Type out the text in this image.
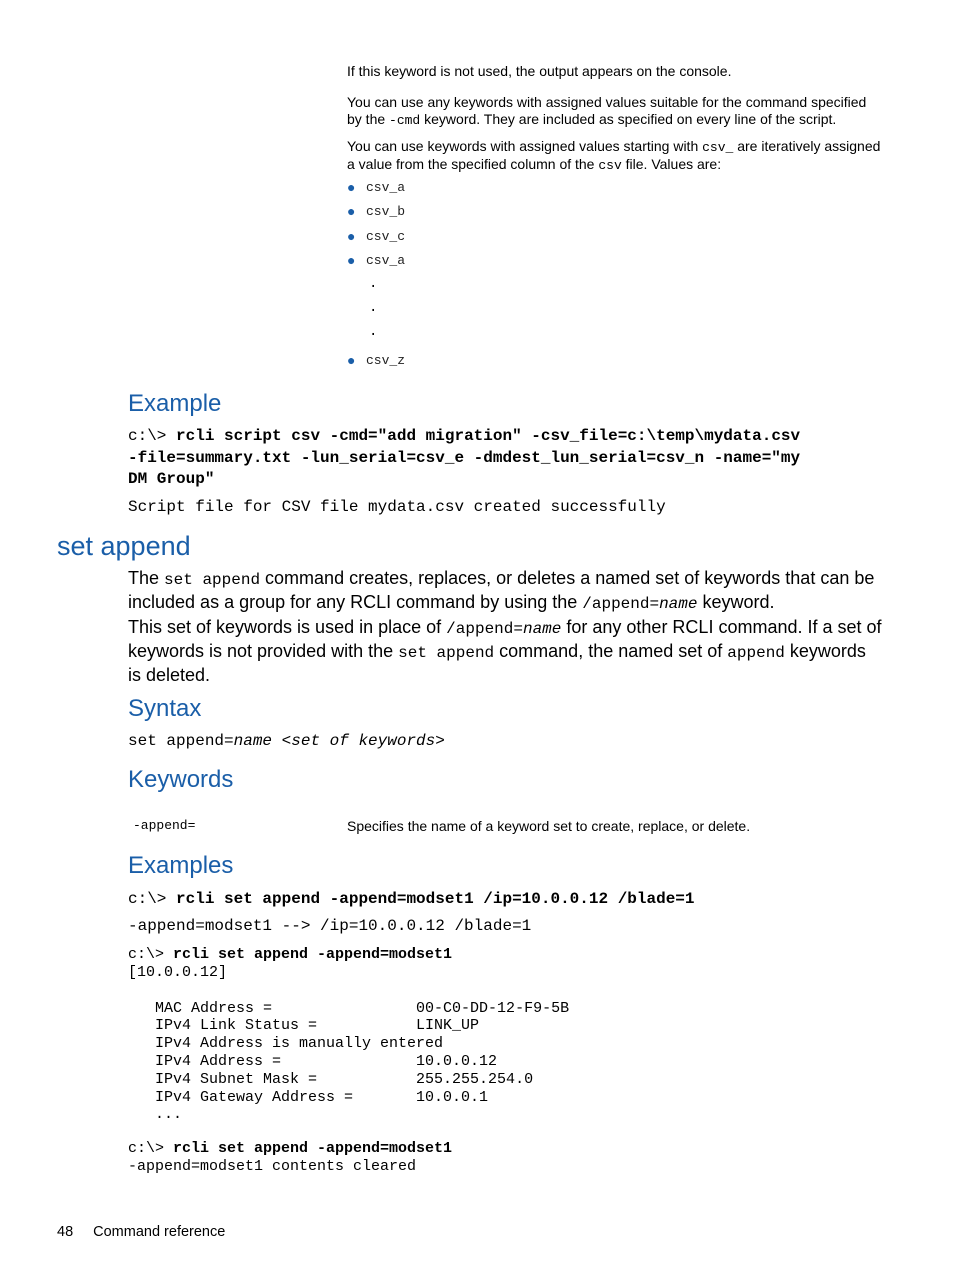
If this keyword is not used, the output appears on the console.
You can use any keywords with assigned values suitable for the command specified
by the -cmd keyword. They are included as specified on every line of the script.
You can use keywords with assigned values starting with csv_ are iteratively assigned
a value from the specified column of the csv file. Values are:
● csv_a
● csv_b
● csv_c
● csv_a
.
.
.
● csv_z
Example
c:\> rcli script csv -cmd="add migration" -csv_file=c:\temp\mydata.csv
-file=summary.txt -lun_serial=csv_e -dmdest_lun_serial=csv_n -name="my
DM Group"
Script file for CSV file mydata.csv created successfully
set append
The set append command creates, replaces, or deletes a named set of keywords that can be
included as a group for any RCLI command by using the /append=name keyword.
This set of keywords is used in place of /append=name for any other RCLI command. If a set of
keywords is not provided with the set append command, the named set of append keywords
is deleted.
Syntax
set append=name <set of keywords>
Keywords
-append=	Specifies the name of a keyword set to create, replace, or delete.
Examples
c:\> rcli set append -append=modset1 /ip=10.0.0.12 /blade=1
-append=modset1 --> /ip=10.0.0.12 /blade=1
c:\> rcli set append -append=modset1
[10.0.0.12]
MAC Address =                00-C0-DD-12-F9-5B
IPv4 Link Status =           LINK_UP
IPv4 Address is manually entered
IPv4 Address =               10.0.0.12
IPv4 Subnet Mask =           255.255.254.0
IPv4 Gateway Address =       10.0.0.1
...
c:\> rcli set append -append=modset1
-append=modset1 contents cleared
48 Command reference
